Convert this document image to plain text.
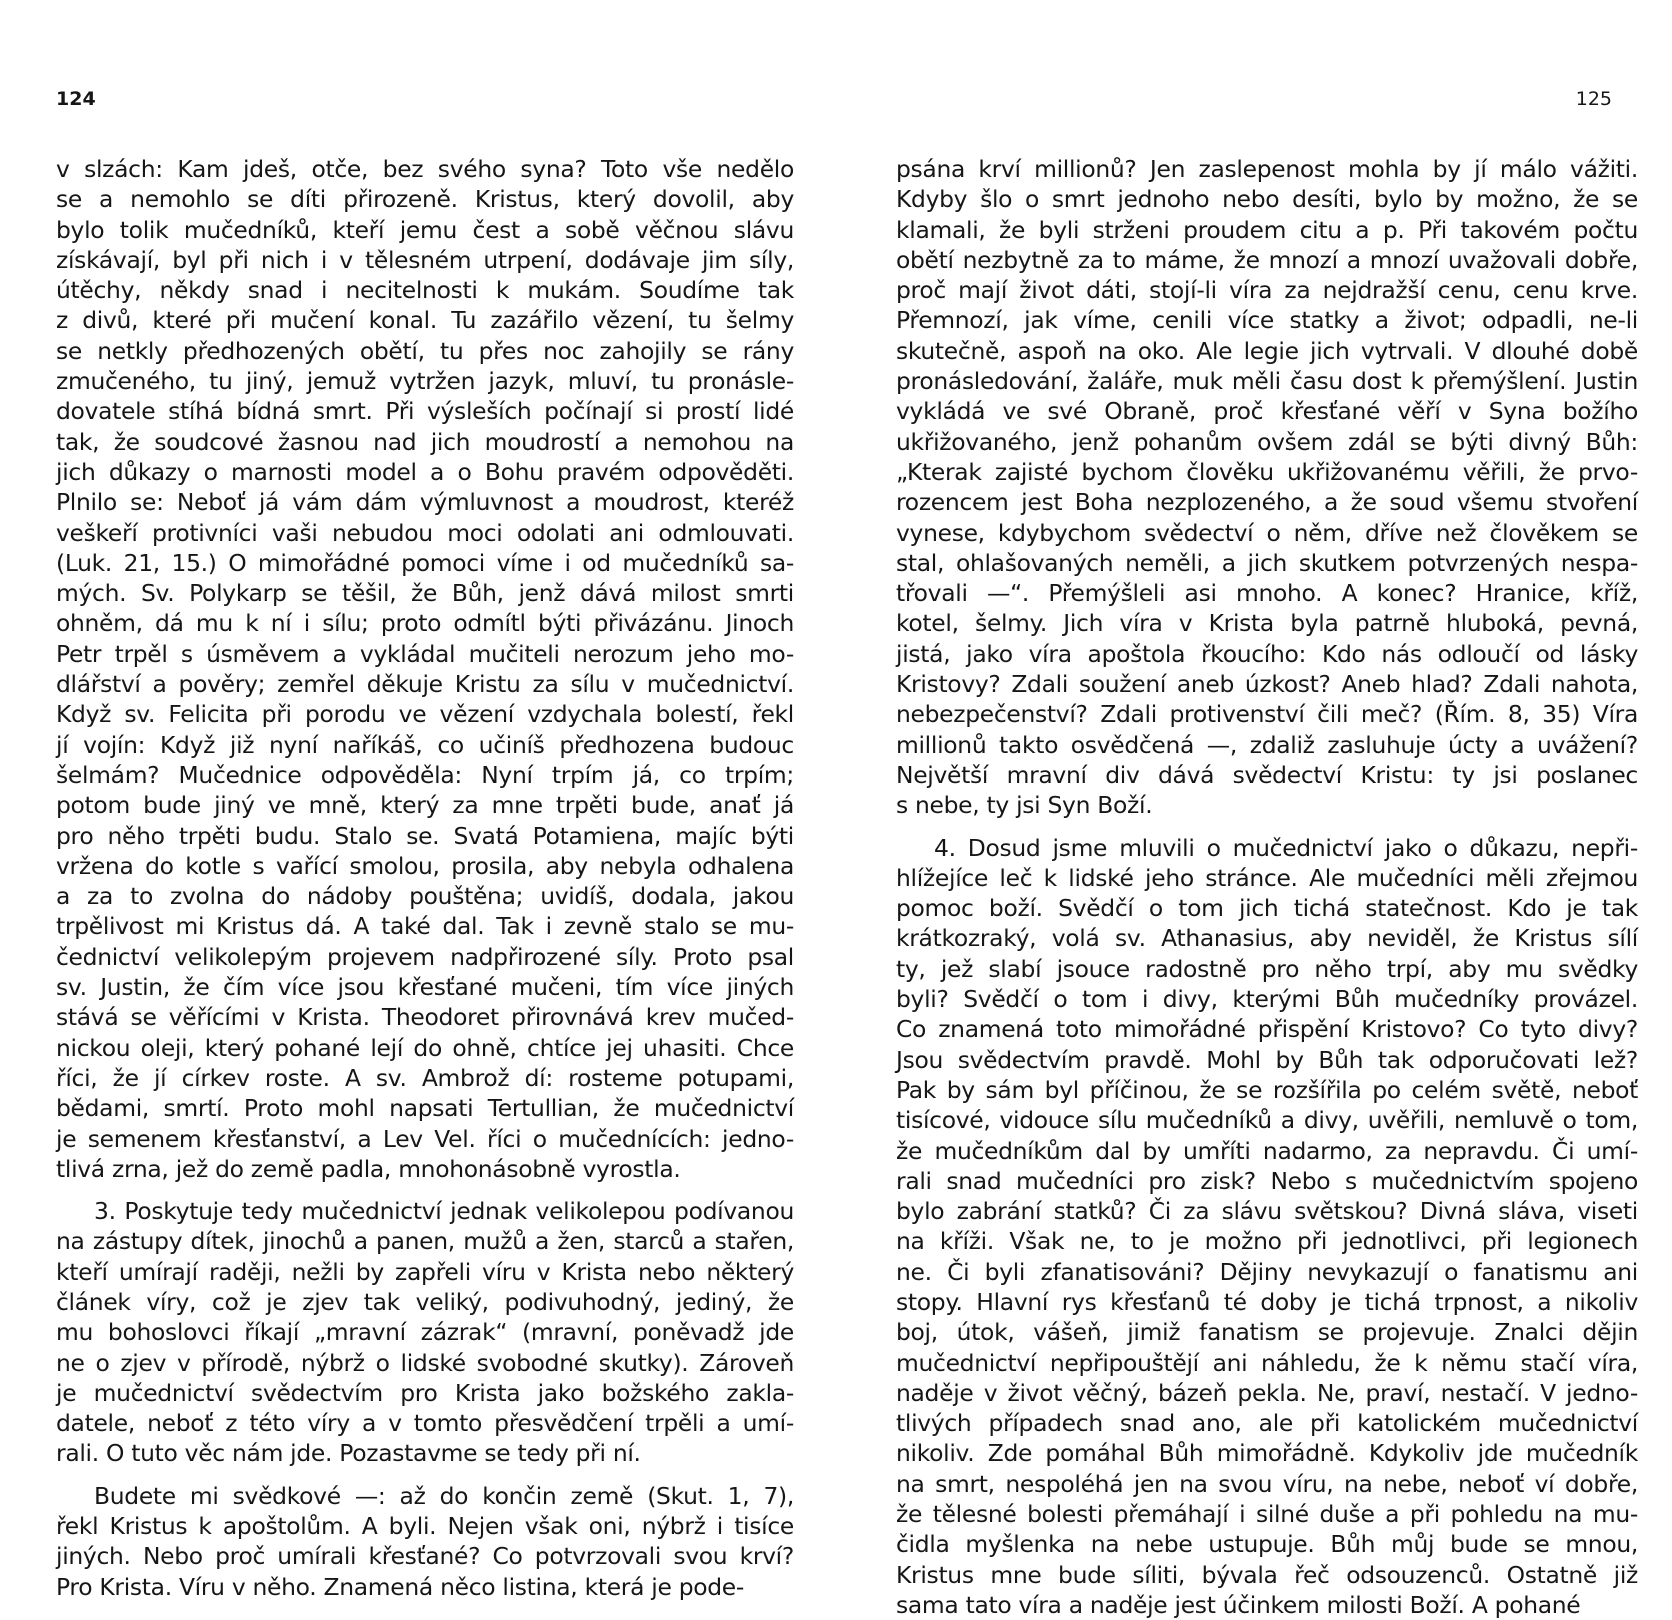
124
v slzách: Kam jdeš, otče, bez svého syna? Toto vše nedělo
se a nemohlo se díti přirozeně. Kristus, který dovolil, aby
bylo tolik mučedníků, kteří jemu čest a sobě věčnou slávu
získávají, byl při nich i v tělesném utrpení, dodávaje jim síly,
útěchy, někdy snad i necitelnosti k mukám. Soudíme tak
z divů, které při mučení konal. Tu zazářilo vězení, tu šelmy
se netkly předhozených obětí, tu přes noc zahojily se rány
zmučeného, tu jiný, jemuž vytržen jazyk, mluví, tu pronásle-
dovatele stíhá bídná smrt. Při výsleších počínají si prostí lidé
tak, že soudcové žasnou nad jich moudrostí a nemohou na
jich důkazy o marnosti model a o Bohu pravém odpověděti.
Plnilo se: Neboť já vám dám výmluvnost a moudrost, kteréž
veškeří protivníci vaši nebudou moci odolati ani odmlouvati.
(Luk. 21, 15.) O mimořádné pomoci víme i od mučedníků sa-
mých. Sv. Polykarp se těšil, že Bůh, jenž dává milost smrti
ohněm, dá mu k ní i sílu; proto odmítl býti přivázánu. Jinoch
Petr trpěl s úsměvem a vykládal mučiteli nerozum jeho mo-
dlářství a pověry; zemřel děkuje Kristu za sílu v mučednictví.
Když sv. Felicita při porodu ve vězení vzdychala bolestí, řekl
jí vojín: Když již nyní naříkáš, co učiníš předhozena budouc
šelmám? Mučednice odpověděla: Nyní trpím já, co trpím;
potom bude jiný ve mně, který za mne trpěti bude, anať já
pro něho trpěti budu. Stalo se. Svatá Potamiena, majíc býti
vržena do kotle s vařící smolou, prosila, aby nebyla odhalena
a za to zvolna do nádoby pouštěna; uvidíš, dodala, jakou
trpělivost mi Kristus dá. A také dal. Tak i zevně stalo se mu-
čednictví velikolepým projevem nadpřirozené síly. Proto psal
sv. Justin, že čím více jsou křesťané mučeni, tím více jiných
stává se věřícími v Krista. Theodoret přirovnává krev mučed-
nickou oleji, který pohané lejí do ohně, chtíce jej uhasiti. Chce
říci, že jí církev roste. A sv. Ambrož dí: rosteme potupami,
bědami, smrtí. Proto mohl napsati Tertullian, že mučednictví
je semenem křesťanství, a Lev Vel. říci o mučednících: jedno-
tlivá zrna, jež do země padla, mnohonásobně vyrostla.
3. Poskytuje tedy mučednictví jednak velikolepou podívanou
na zástupy dítek, jinochů a panen, mužů a žen, starců a stařen,
kteří umírají raději, nežli by zapřeli víru v Krista nebo některý
článek víry, což je zjev tak veliký, podivuhodný, jediný, že
mu bohoslovci říkají „mravní zázrak“ (mravní, poněvadž jde
ne o zjev v přírodě, nýbrž o lidské svobodné skutky). Zároveň
je mučednictví svědectvím pro Krista jako božského zakla-
datele, neboť z této víry a v tomto přesvědčení trpěli a umí-
rali. O tuto věc nám jde. Pozastavme se tedy při ní.
Budete mi svědkové —: až do končin země (Skut. 1, 7),
řekl Kristus k apoštolům. A byli. Nejen však oni, nýbrž i tisíce
jiných. Nebo proč umírali křesťané? Co potvrzovali svou krví?
Pro Krista. Víru v něho. Znamená něco listina, která je pode-
125
psána krví millionů? Jen zaslepenost mohla by jí málo vážiti.
Kdyby šlo o smrt jednoho nebo desíti, bylo by možno, že se
klamali, že byli strženi proudem citu a p. Při takovém počtu
obětí nezbytně za to máme, že mnozí a mnozí uvažovali dobře,
proč mají život dáti, stojí-li víra za nejdražší cenu, cenu krve.
Přemnozí, jak víme, cenili více statky a život; odpadli, ne-li
skutečně, aspoň na oko. Ale legie jich vytrvali. V dlouhé době
pronásledování, žaláře, muk měli času dost k přemýšlení. Justin
vykládá ve své Obraně, proč křesťané věří v Syna božího
ukřižovaného, jenž pohanům ovšem zdál se býti divný Bůh:
„Kterak zajisté bychom člověku ukřižovanému věřili, že prvo-
rozencem jest Boha nezplozeného, a že soud všemu stvoření
vynese, kdybychom svědectví o něm, dříve než člověkem se
stal, ohlašovaných neměli, a jich skutkem potvrzených nespa-
třovali —“. Přemýšleli asi mnoho. A konec? Hranice, kříž,
kotel, šelmy. Jich víra v Krista byla patrně hluboká, pevná,
jistá, jako víra apoštola řkoucího: Kdo nás odloučí od lásky
Kristovy? Zdali soužení aneb úzkost? Aneb hlad? Zdali nahota,
nebezpečenství? Zdali protivenství čili meč? (Řím. 8, 35) Víra
millionů takto osvědčená —, zdaliž zasluhuje úcty a uvážení?
Největší mravní div dává svědectví Kristu: ty jsi poslanec
s nebe, ty jsi Syn Boží.
4. Dosud jsme mluvili o mučednictví jako o důkazu, nepři-
hlížejíce leč k lidské jeho stránce. Ale mučedníci měli zřejmou
pomoc boží. Svědčí o tom jich tichá statečnost. Kdo je tak
krátkozraký, volá sv. Athanasius, aby neviděl, že Kristus sílí
ty, jež slabí jsouce radostně pro něho trpí, aby mu svědky
byli? Svědčí o tom i divy, kterými Bůh mučedníky provázel.
Co znamená toto mimořádné přispění Kristovo? Co tyto divy?
Jsou svědectvím pravdě. Mohl by Bůh tak odporučovati lež?
Pak by sám byl příčinou, že se rozšířila po celém světě, neboť
tisícové, vidouce sílu mučedníků a divy, uvěřili, nemluvě o tom,
že mučedníkům dal by umříti nadarmo, za nepravdu. Či umí-
rali snad mučedníci pro zisk? Nebo s mučednictvím spojeno
bylo zabrání statků? Či za slávu světskou? Divná sláva, viseti
na kříži. Však ne, to je možno při jednotlivci, při legionech
ne. Či byli zfanatisováni? Dějiny nevykazují o fanatismu ani
stopy. Hlavní rys křesťanů té doby je tichá trpnost, a nikoliv
boj, útok, vášeň, jimiž fanatism se projevuje. Znalci dějin
mučednictví nepřipouštějí ani náhledu, že k němu stačí víra,
naděje v život věčný, bázeň pekla. Ne, praví, nestačí. V jedno-
tlivých případech snad ano, ale při katolickém mučednictví
nikoliv. Zde pomáhal Bůh mimořádně. Kdykoliv jde mučedník
na smrt, nespoléhá jen na svou víru, na nebe, neboť ví dobře,
že tělesné bolesti přemáhají i silné duše a při pohledu na mu-
čidla myšlenka na nebe ustupuje. Bůh můj bude se mnou,
Kristus mne bude síliti, bývala řeč odsouzenců. Ostatně již
sama tato víra a naděje jest účinkem milosti Boží. A pohané
